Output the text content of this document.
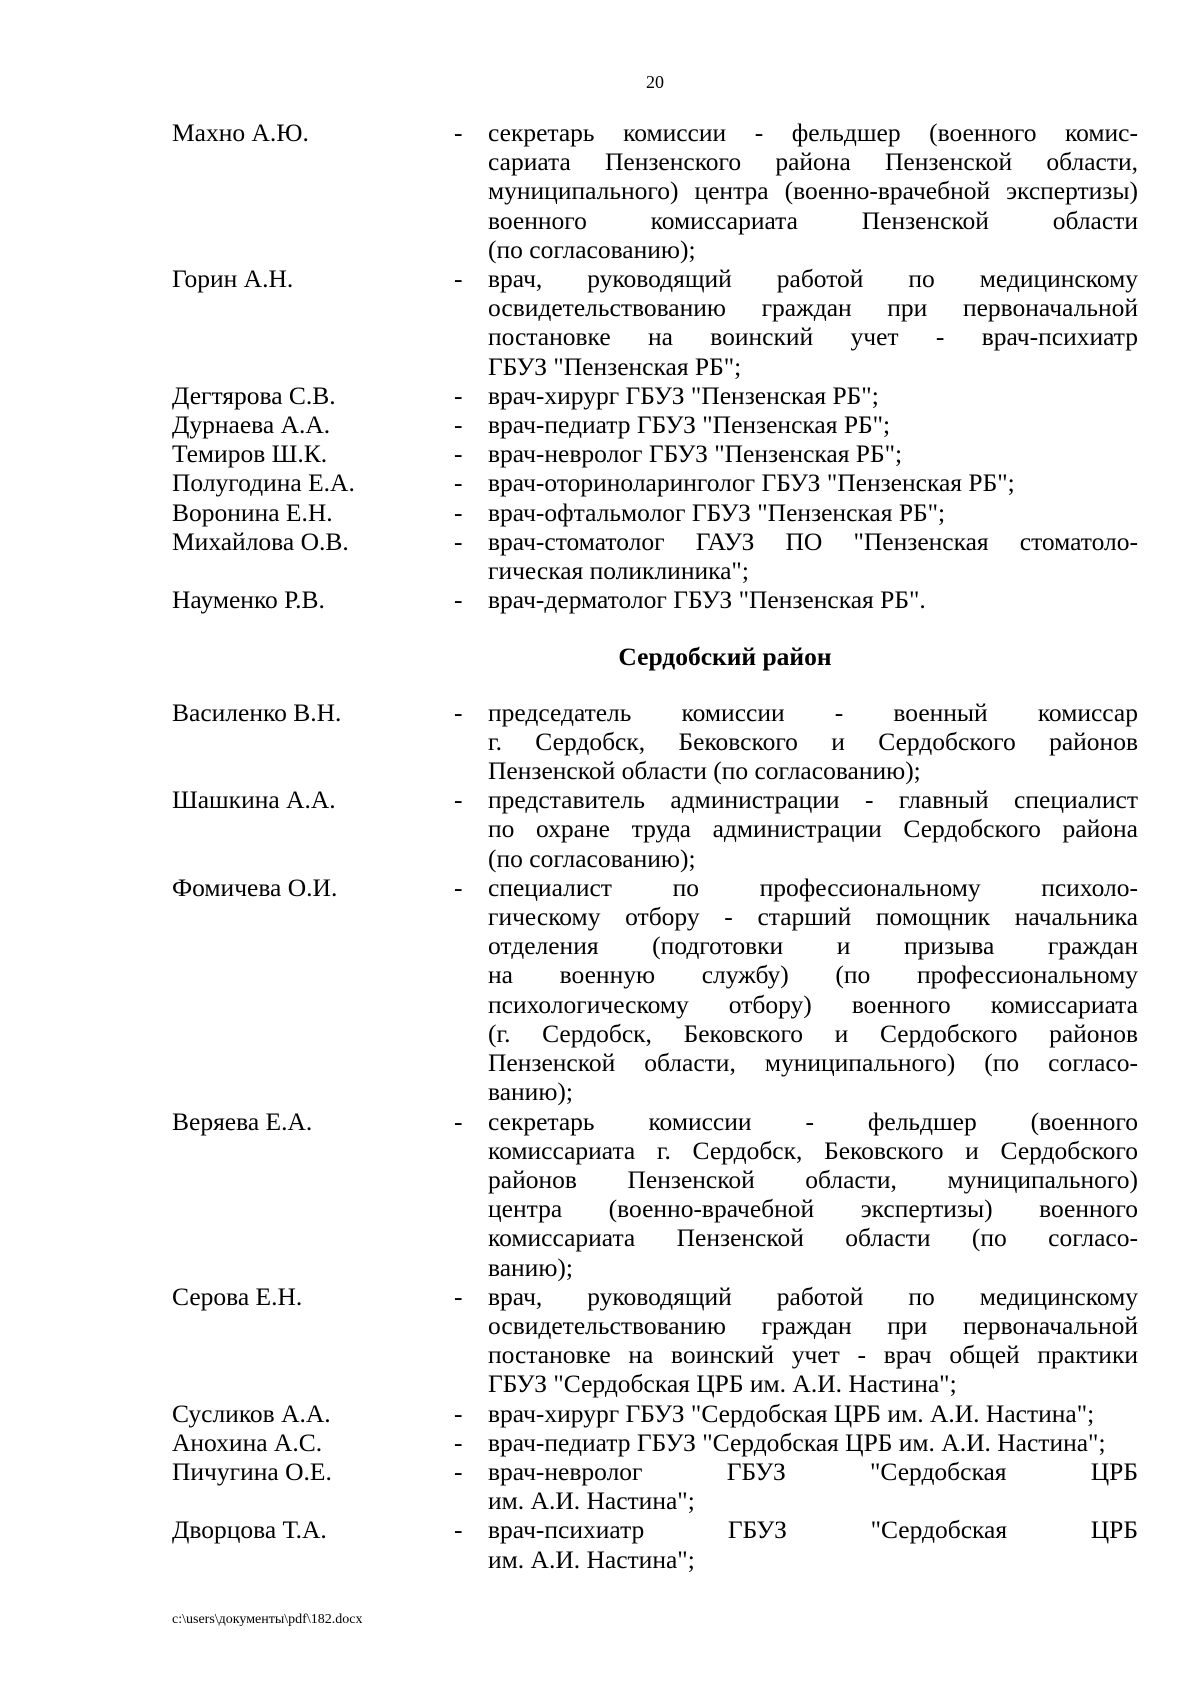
20
Махно А.Ю.	-	секретарь комиссии - фельдшер (военного комис-
сариата Пензенского района Пензенской области,
муниципального) центра (военно-врачебной экспертизы)
военного комиссариата Пензенской области
(по согласованию);
Горин А.Н.	-	врач, руководящий работой по медицинскому
освидетельствованию граждан при первоначальной
постановке на воинский учет - врач-психиатр
ГБУЗ "Пензенская РБ";
Дегтярова С.В.	-	врач-хирург ГБУЗ "Пензенская РБ";
Дурнаева А.А.	-	врач-педиатр ГБУЗ "Пензенская РБ";
Темиров Ш.К.	-	врач-невролог ГБУЗ "Пензенская РБ";
Полугодина Е.А.	-	врач-оториноларинголог ГБУЗ "Пензенская РБ";
Воронина Е.Н.	-	врач-офтальмолог ГБУЗ "Пензенская РБ";
Михайлова О.В.	-	врач-стоматолог ГАУЗ ПО "Пензенская стоматоло-
гическая поликлиника";
Науменко Р.В.	-	врач-дерматолог ГБУЗ "Пензенская РБ".
Сердобский район
Василенко В.Н.	-	председатель комиссии - военный комиссар
г. Сердобск, Бековского и Сердобского районов
Пензенской области (по согласованию);
Шашкина А.А.	-	представитель администрации - главный специалист
по охране труда администрации Сердобского района
(по согласованию);
Фомичева О.И.	-	специалист по профессиональному психоло-
гическому отбору - старший помощник начальника
отделения (подготовки и призыва граждан
на военную службу) (по профессиональному
психологическому отбору) военного комиссариата
(г. Сердобск, Бековского и Сердобского районов
Пензенской области, муниципального) (по согласо-
ванию);
Веряева Е.А.	-	секретарь комиссии - фельдшер (военного
комиссариата г. Сердобск, Бековского и Сердобского
районов Пензенской области, муниципального)
центра (военно-врачебной экспертизы) военного
комиссариата Пензенской области (по согласо-
ванию);
Серова Е.Н.	-	врач, руководящий работой по медицинскому
освидетельствованию граждан при первоначальной
постановке на воинский учет - врач общей практики
ГБУЗ "Сердобская ЦРБ им. А.И. Настина";
Сусликов А.А.	-	врач-хирург ГБУЗ "Сердобская ЦРБ им. А.И. Настина";
Анохина А.С.	-	врач-педиатр ГБУЗ "Сердобская ЦРБ им. А.И. Настина";
Пичугина О.Е.	-	врач-невролог ГБУЗ "Сердобская ЦРБ
им. А.И. Настина";
Дворцова Т.А.	-	врач-психиатр ГБУЗ "Сердобская ЦРБ
им. А.И. Настина";
c:\users\документы\pdf\182.docx
